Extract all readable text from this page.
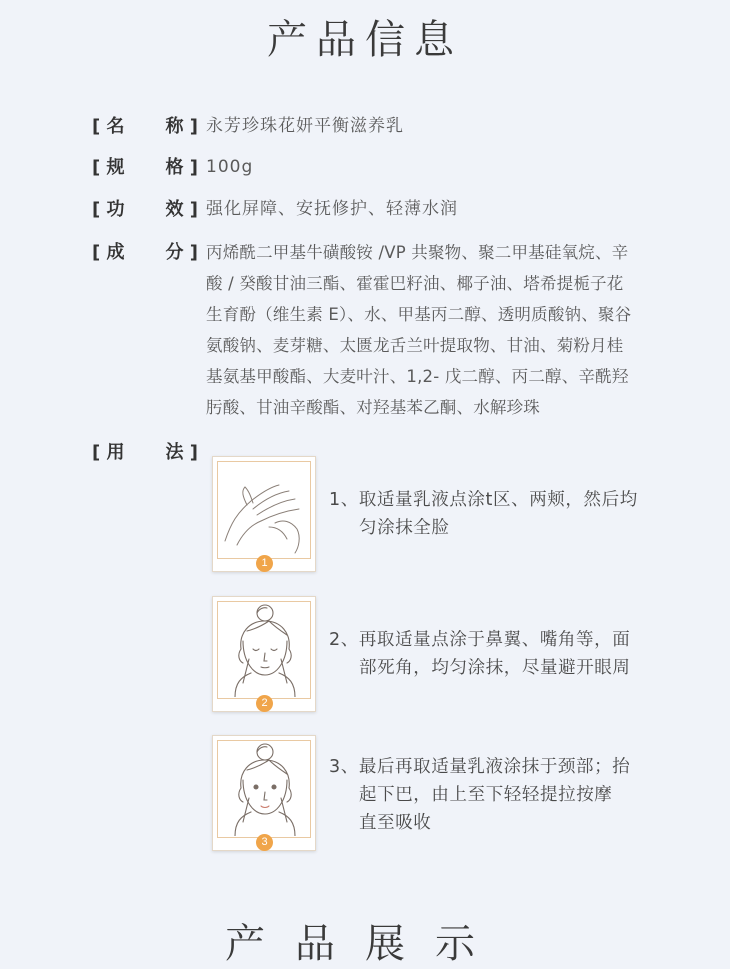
产品信息
[ 名 称 ] 永芳珍珠花妍平衡滋养乳
[ 规 格 ] 100g
[ 功 效 ] 强化屏障、安抚修护、轻薄水润
[ 成 分 ] 丙烯酰二甲基牛磺酸铵 /VP 共聚物、聚二甲基硅氧烷、辛
酸 / 癸酸甘油三酯、霍霍巴籽油、椰子油、塔希提栀子花
生育酚（维生素 E）、水、甲基丙二醇、透明质酸钠、聚谷
氨酸钠、麦芽糖、太匮龙舌兰叶提取物、甘油、菊粉月桂
基氨基甲酸酯、大麦叶汁、1,2- 戊二醇、丙二醇、辛酰羟
肟酸、甘油辛酸酯、对羟基苯乙酮、水解珍珠
[ 用 法 ]
1
1、取适量乳液点涂t区、两颊，然后均
匀涂抹全脸
2
2、再取适量点涂于鼻翼、嘴角等，面
部死角，均匀涂抹，尽量避开眼周
3
3、最后再取适量乳液涂抹于颈部；抬
起下巴，由上至下轻轻提拉按摩
直至吸收
产品展示
